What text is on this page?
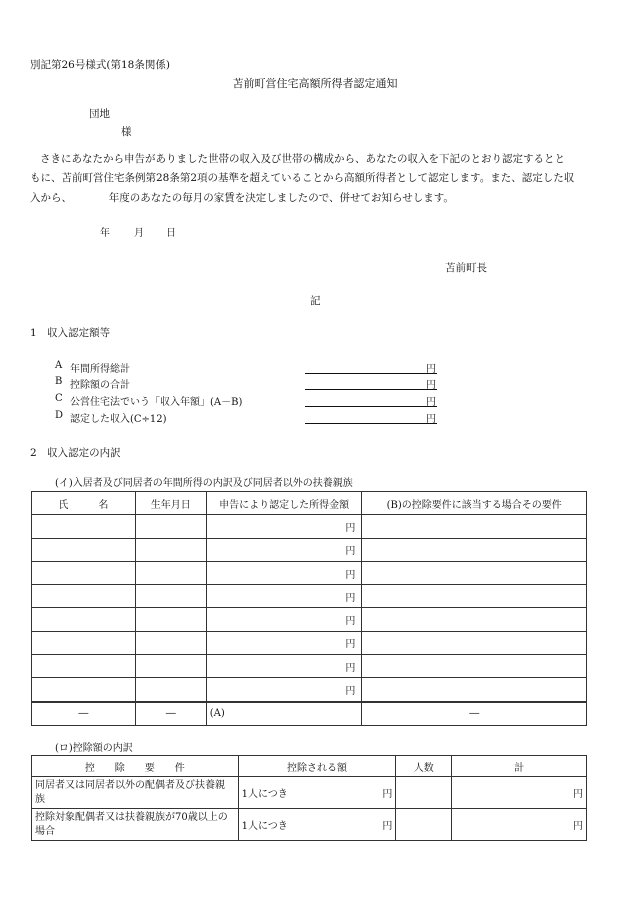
別記第26号様式(第18条関係)
苫前町営住宅高額所得者認定通知
団地
様
さきにあなたから申告がありました世帯の収入及び世帯の構成から、あなたの収入を下記のとおり認定するとと
もに、苫前町営住宅条例第28条第2項の基準を超えていることから高額所得者として認定します。また、認定した収
入から、　　　　年度のあなたの毎月の家賃を決定しましたので、併せてお知らせします。
年 月 日
苫前町長
記
1　収入認定額等
A 年間所得総計	円
B 控除額の合計	円
C 公営住宅法でいう「収入年額」(A－B)	円
D 認定した収入(C÷12)	円
2　収入認定の内訳
(イ)入居者及び同居者の年間所得の内訳及び同居者以外の扶養親族
氏　　　名	生年月日	申告により認定した所得金額	(B)の控除要件に該当する場合その要件
		円	
		円	
		円	
		円	
		円	
		円	
		円	
		円	
―	―	(A)	―
(ロ)控除額の内訳
控　　除　　要　　件	控除される額	人数	計
同居者又は同居者以外の配偶者及び扶養親族	1人につき 円		円
控除対象配偶者又は扶養親族が70歳以上の場合	1人につき 円		円
